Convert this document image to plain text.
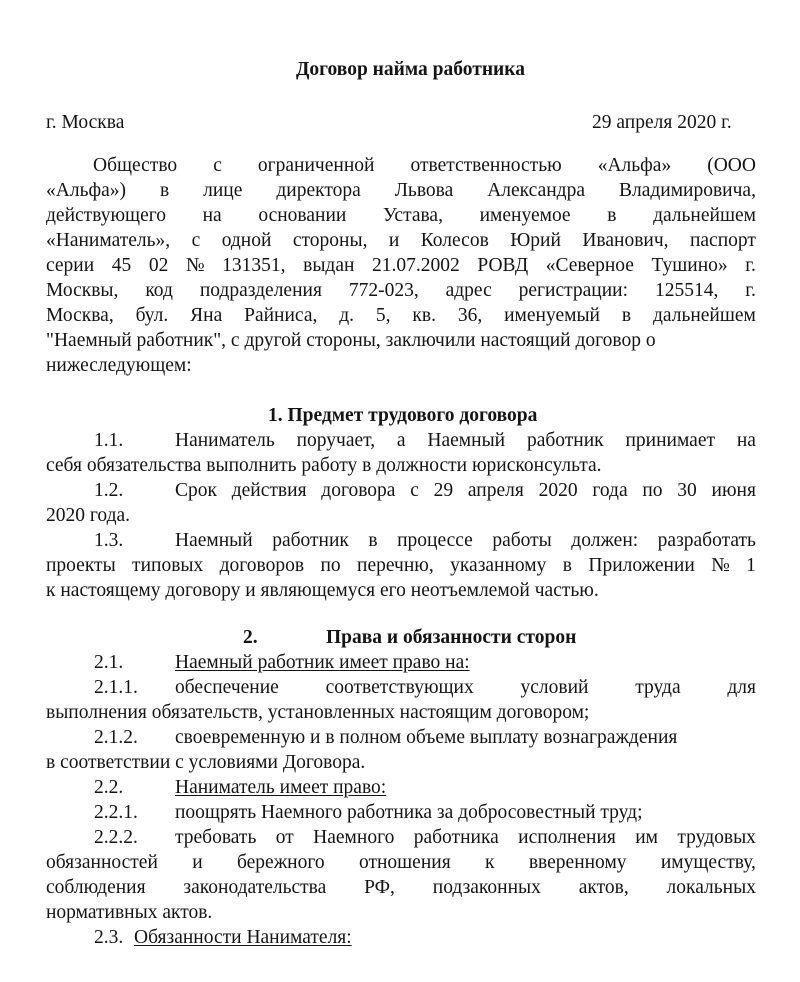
Договор найма работника
г. Москва	29 апреля 2020 г.
Общество с ограниченной ответственностью «Альфа» (ООО
«Альфа») в лице директора Львова Александра Владимировича,
действующего на основании Устава, именуемое в дальнейшем
«Наниматель», с одной стороны, и Колесов Юрий Иванович, паспорт
серии 45 02 № 131351, выдан 21.07.2002 РОВД «Северное Тушино» г.
Москвы, код подразделения 772-023, адрес регистрации: 125514, г.
Москва, бул. Яна Райниса, д. 5, кв. 36, именуемый в дальнейшем
"Наемный работник", с другой стороны, заключили настоящий договор о
нижеследующем:
1. Предмет трудового договора
1.1.	Наниматель поручает, а Наемный работник принимает на
себя обязательства выполнить работу в должности юрисконсульта.
1.2.	Срок действия договора с 29 апреля 2020 года по 30 июня
2020 года.
1.3.	Наемный работник в процессе работы должен: разработать
проекты типовых договоров по перечню, указанному в Приложении № 1
к настоящему договору и являющемуся его неотъемлемой частью.
2.	Права и обязанности сторон
2.1.	Наемный работник имеет право на:
2.1.1. обеспечение соответствующих условий труда для
выполнения обязательств, установленных настоящим договором;
2.1.2. своевременную и в полном объеме выплату вознаграждения
в соответствии с условиями Договора.
2.2.	Наниматель имеет право:
2.2.1. поощрять Наемного работника за добросовестный труд;
2.2.2. требовать от Наемного работника исполнения им трудовых
обязанностей и бережного отношения к вверенному имуществу,
соблюдения законодательства РФ, подзаконных актов, локальных
нормативных актов.
2.3. Обязанности Нанимателя:
